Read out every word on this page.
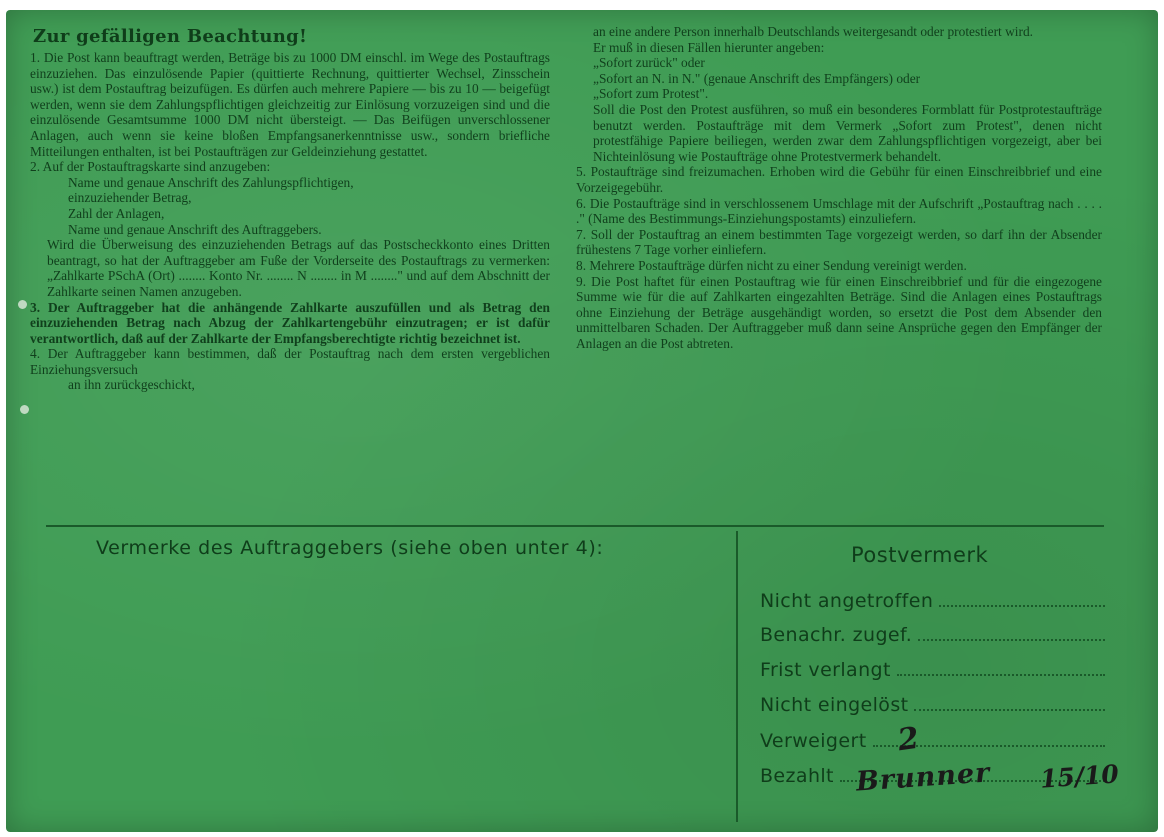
Zur gefälligen Beachtung!

1. Die Post kann beauftragt werden, Beträge bis zu 1000 DM einschl. im Wege des Postauftrags einzuziehen. Das einzulösende Papier (quittierte Rechnung, quittierter Wechsel, Zinsschein usw.) ist dem Postauftrag beizufügen. Es dürfen auch mehrere Papiere — bis zu 10 — beigefügt werden, wenn sie dem Zahlungspflichtigen gleichzeitig zur Einlösung vorzuzeigen sind und die einzulösende Gesamtsumme 1000 DM nicht übersteigt. — Das Beifügen unverschlossener Anlagen, auch wenn sie keine bloßen Empfangsanerkenntnisse usw., sondern briefliche Mitteilungen enthalten, ist bei Postaufträgen zur Geldeinziehung gestattet.

2. Auf der Postauftragskarte sind anzugeben:

Name und genaue Anschrift des Zahlungspflichtigen,

einzuziehender Betrag,

Zahl der Anlagen,

Name und genaue Anschrift des Auftraggebers.

Wird die Überweisung des einzuziehenden Betrags auf das Postscheckkonto eines Dritten beantragt, so hat der Auftraggeber am Fuße der Vorderseite des Postauftrags zu vermerken: „Zahlkarte PSchA (Ort) ........ Konto Nr. ........ N ........ in M ........" und auf dem Abschnitt der Zahlkarte seinen Namen anzugeben.

3. Der Auftraggeber hat die anhängende Zahlkarte auszufüllen und als Betrag den einzuziehenden Betrag nach Abzug der Zahlkartengebühr einzutragen; er ist dafür verantwortlich, daß auf der Zahlkarte der Empfangsberechtigte richtig bezeichnet ist.

4. Der Auftraggeber kann bestimmen, daß der Postauftrag nach dem ersten vergeblichen Einziehungsversuch

an ihn zurückgeschickt,

an eine andere Person innerhalb Deutschlands weitergesandt oder protestiert wird.

Er muß in diesen Fällen hierunter angeben:

„Sofort zurück" oder

„Sofort an N. in N." (genaue Anschrift des Empfängers) oder

„Sofort zum Protest".

Soll die Post den Protest ausführen, so muß ein besonderes Formblatt für Postprotestaufträge benutzt werden. Postaufträge mit dem Vermerk „Sofort zum Protest", denen nicht protestfähige Papiere beiliegen, werden zwar dem Zahlungspflichtigen vorgezeigt, aber bei Nichteinlösung wie Postaufträge ohne Protestvermerk behandelt.

5. Postaufträge sind freizumachen. Erhoben wird die Gebühr für einen Einschreibbrief und eine Vorzeigegebühr.

6. Die Postaufträge sind in verschlossenem Umschlage mit der Aufschrift „Postauftrag nach . . . . ." (Name des Bestimmungs-Einziehungspostamts) einzuliefern.

7. Soll der Postauftrag an einem bestimmten Tage vorgezeigt werden, so darf ihn der Absender frühestens 7 Tage vorher einliefern.

8. Mehrere Postaufträge dürfen nicht zu einer Sendung vereinigt werden.

9. Die Post haftet für einen Postauftrag wie für einen Einschreibbrief und für die eingezogene Summe wie für die auf Zahlkarten eingezahlten Beträge. Sind die Anlagen eines Postauftrags ohne Einziehung der Beträge ausgehändigt worden, so ersetzt die Post dem Absender den unmittelbaren Schaden. Der Auftraggeber muß dann seine Ansprüche gegen den Empfänger der Anlagen an die Post abtreten.

Vermerke des Auftraggebers (siehe oben unter 4):	Postvermerk
Nicht angetroffen
Benachr. zugef.
Frist verlangt
Nicht eingelöst
Verweigert
Bezahlt
2
Brunner 15/10
